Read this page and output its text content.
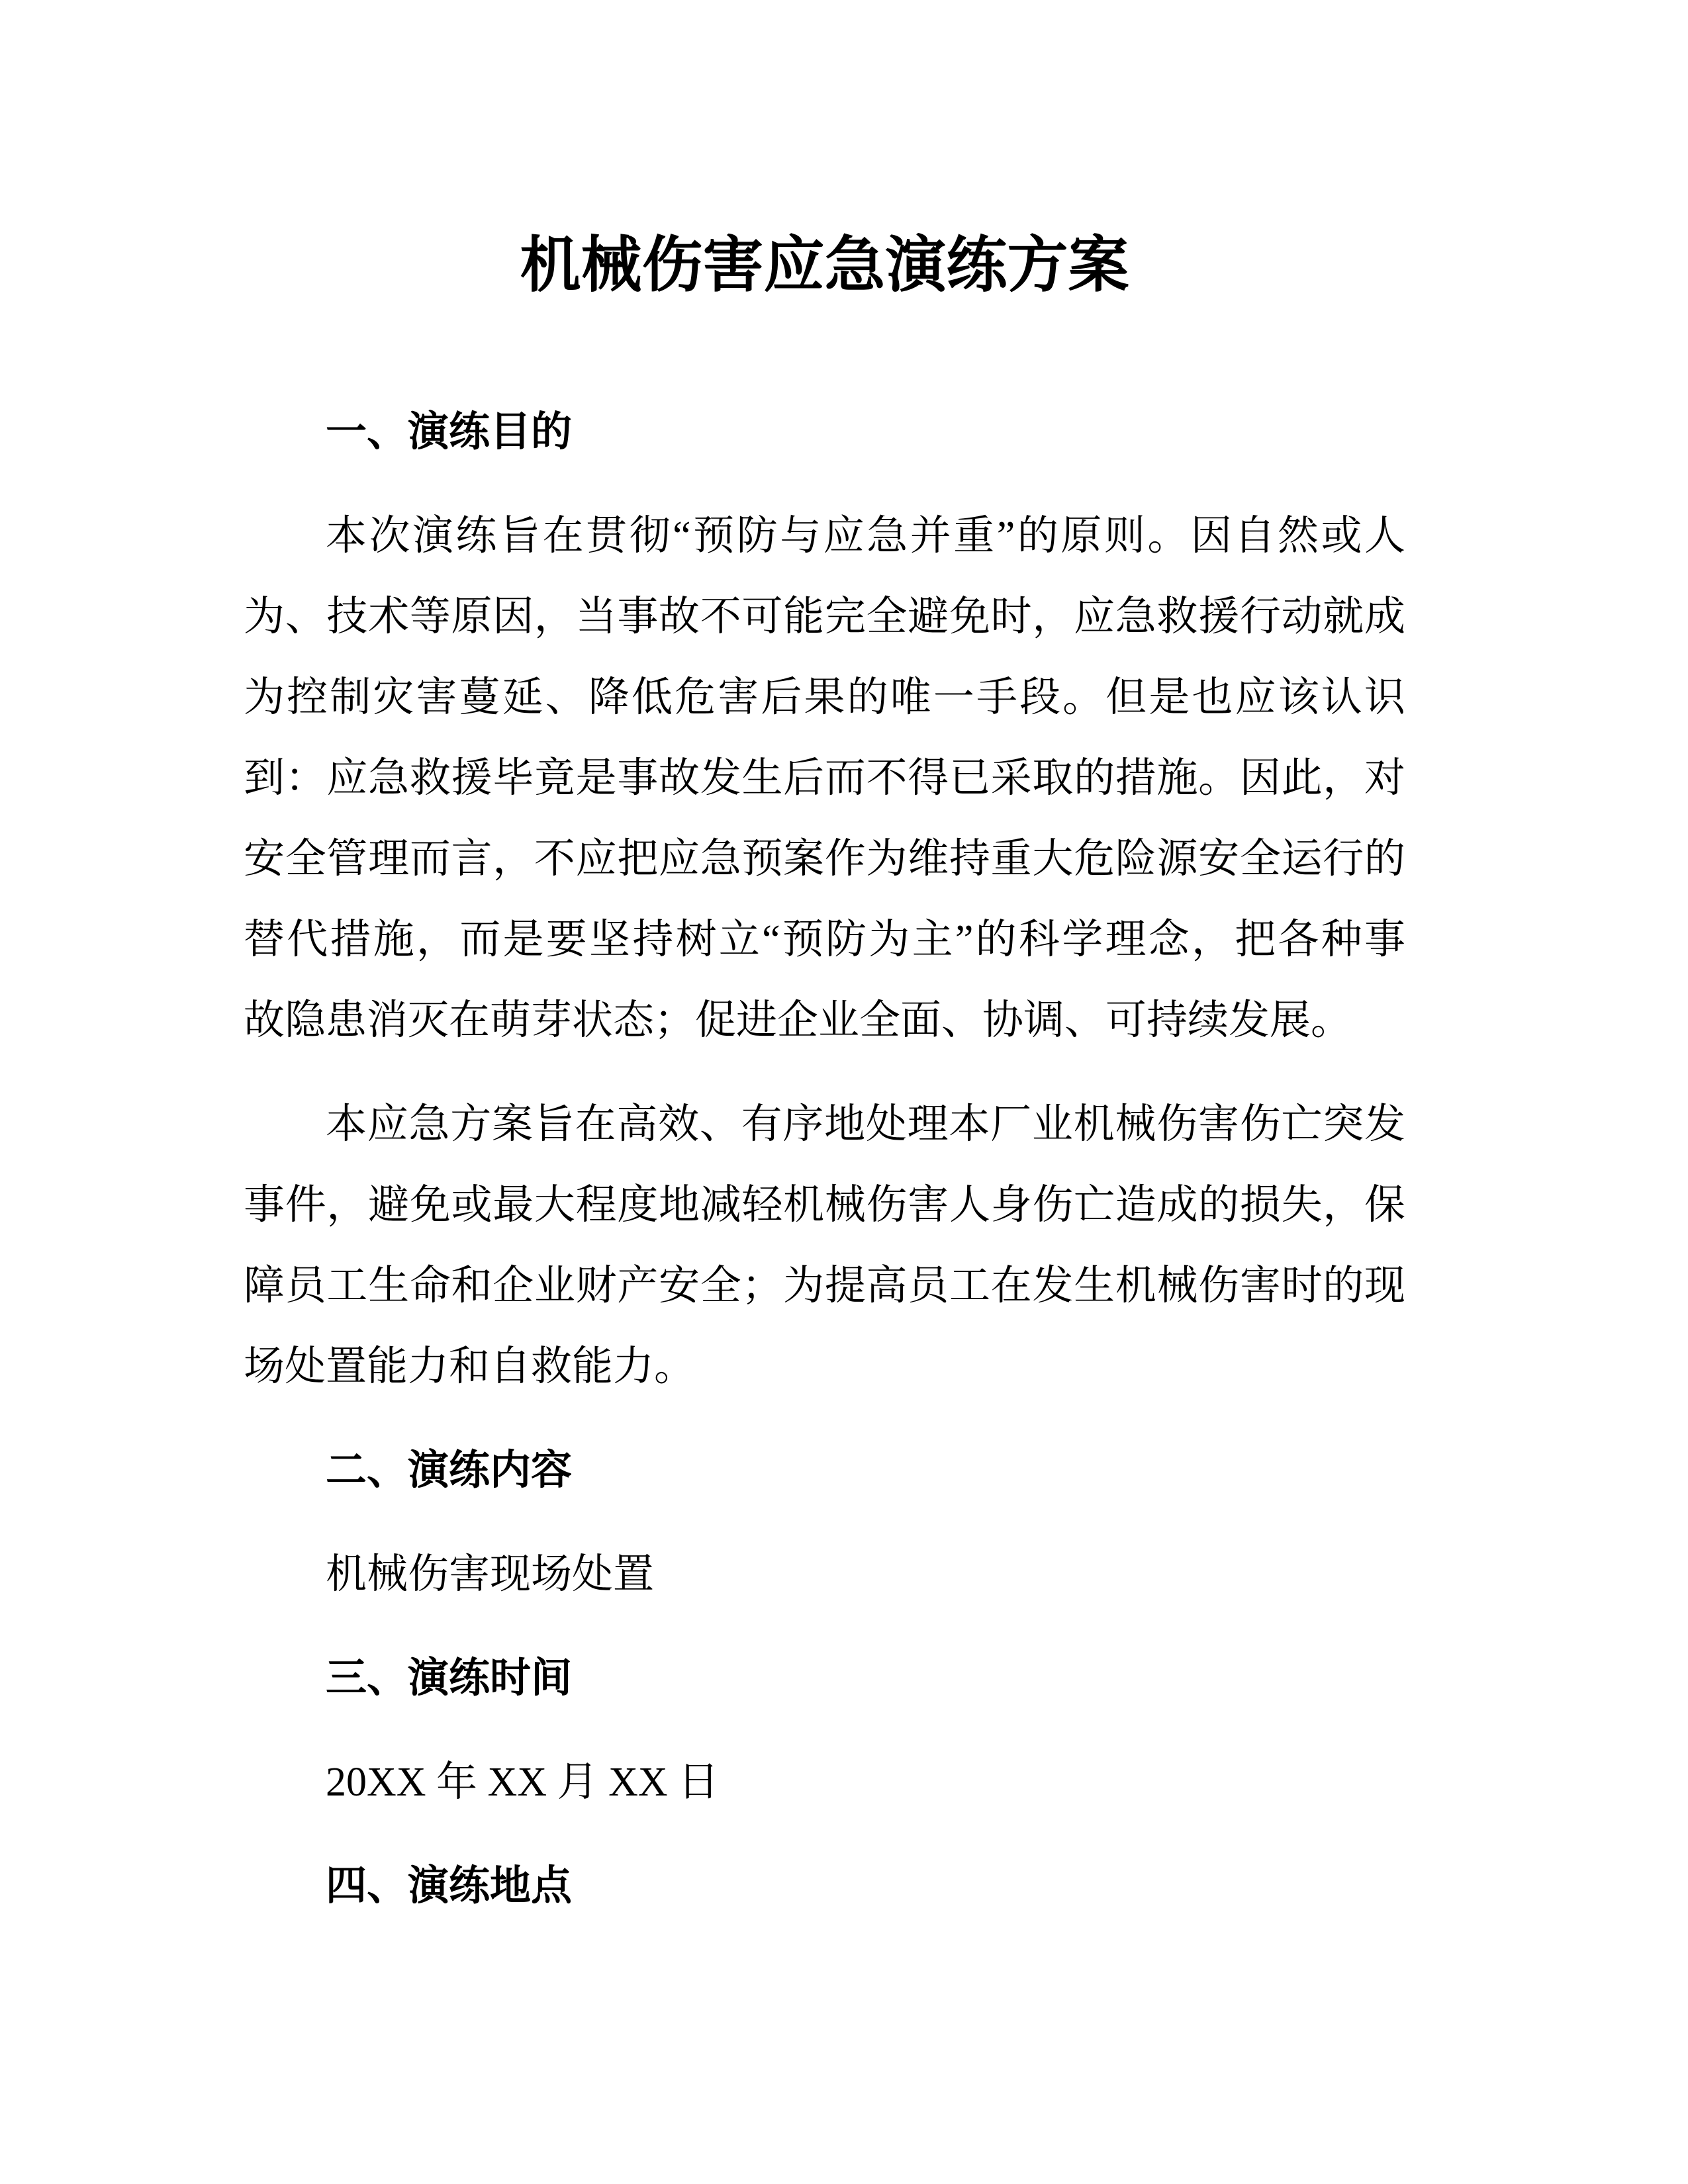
机械伤害应急演练方案
一、演练目的
本次演练旨在贯彻“预防与应急并重”的原则。因自然或人
为、技术等原因，当事故不可能完全避免时，应急救援行动就成
为控制灾害蔓延、降低危害后果的唯一手段。但是也应该认识
到：应急救援毕竟是事故发生后而不得已采取的措施。因此，对
安全管理而言，不应把应急预案作为维持重大危险源安全运行的
替代措施，而是要坚持树立“预防为主”的科学理念，把各种事
故隐患消灭在萌芽状态；促进企业全面、协调、可持续发展。
本应急方案旨在高效、有序地处理本厂业机械伤害伤亡突发
事件，避免或最大程度地减轻机械伤害人身伤亡造成的损失，保
障员工生命和企业财产安全；为提高员工在发生机械伤害时的现
场处置能力和自救能力。
二、演练内容
机械伤害现场处置
三、演练时间
20XX 年 XX 月 XX 日
四、演练地点
